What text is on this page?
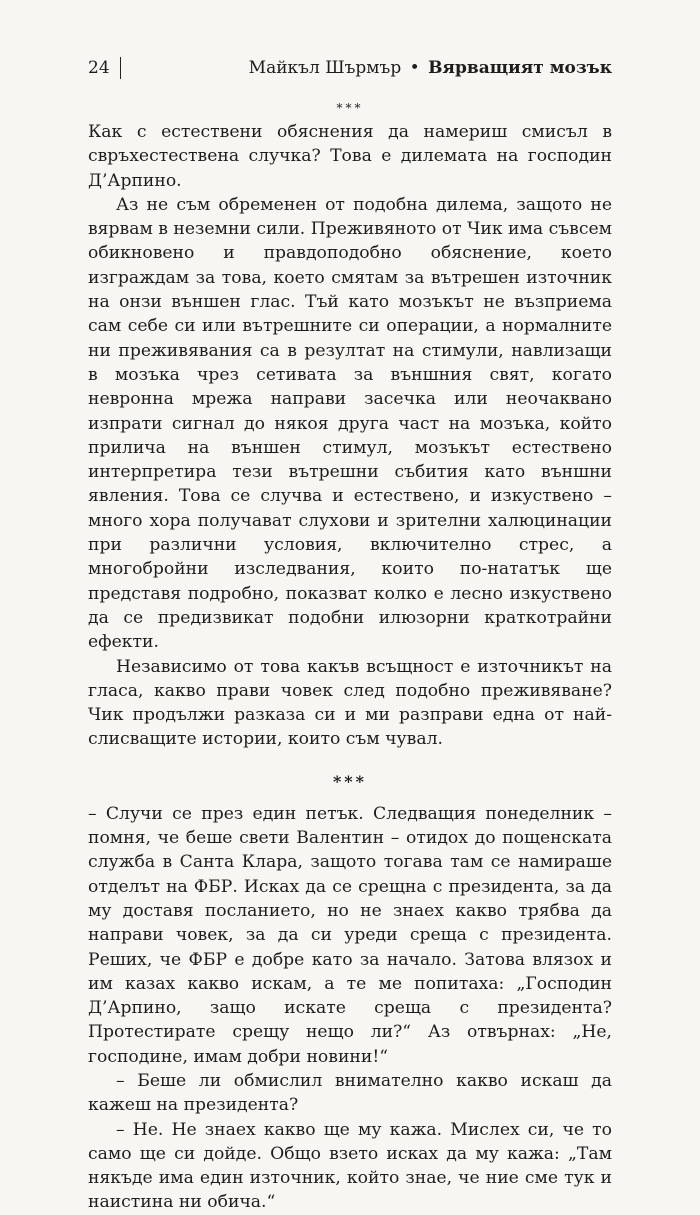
24	Майкъл Шърмър • Вярващият мозък
***

Как с естествени обяснения да намериш смисъл в свръхестествена случка? Това е дилемата на господин Д’Арпино.

Аз не съм обременен от подобна дилема, защото не вярвам в неземни сили. Преживяното от Чик има съвсем обикновено и правдоподобно обяснение, което изграждам за това, което смятам за вътрешен източник на онзи външен глас. Тъй като мозъкът не възприема сам себе си или вътрешните си операции, а нормалните ни преживявания са в резултат на стимули, навлизащи в мозъка чрез сетивата за външния свят, когато невронна мрежа направи засечка или неочаквано изпрати сигнал до някоя друга част на мозъка, който прилича на външен стимул, мозъкът естествено интерпретира тези вътрешни събития като външни явления. Това се случва и естествено, и изкуствено – много хора получават слухови и зрителни халюцинации при различни условия, включително стрес, а многобройни изследвания, които по-нататък ще представя подробно, показват колко е лесно изкуствено да се предизвикат подобни илюзорни краткотрайни ефекти.

Независимо от това какъв всъщност е източникът на гласа, какво прави човек след подобно преживяване? Чик продължи разказа си и ми разправи една от най-слисващите истории, които съм чувал.

***

– Случи се през един петък. Следващия понеделник – помня, че беше свети Валентин – отидох до пощенската служба в Санта Клара, защото тогава там се намираше отделът на ФБР. Исках да се срещна с президента, за да му доставя посланието, но не знаех какво трябва да направи човек, за да си уреди среща с президента. Реших, че ФБР е добре като за начало. Затова влязох и им казах какво искам, а те ме попитаха: „Господин Д’Арпино, защо искате среща с президента? Протестирате срещу нещо ли?“ Аз отвърнах: „Не, господине, имам добри новини!“

– Беше ли обмислил внимателно какво искаш да кажеш на президента?

– Не. Не знаех какво ще му кажа. Мислех си, че то само ще си дойде. Общо взето исках да му кажа: „Там някъде има един източник, който знае, че ние сме тук и наистина ни обича.“
